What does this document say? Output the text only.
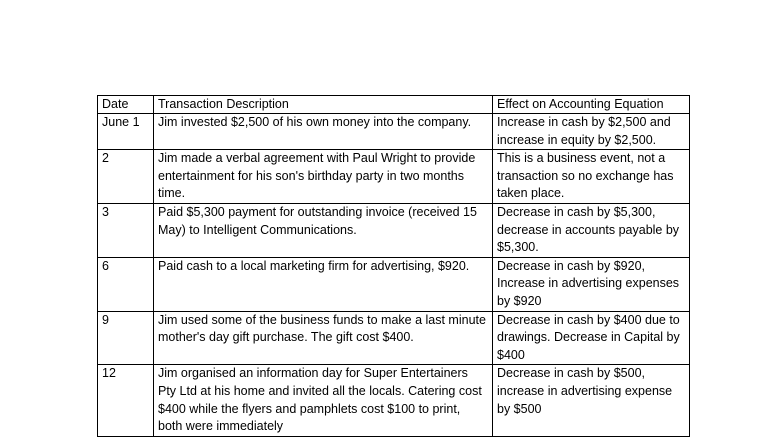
Date	Transaction Description	Effect on Accounting Equation
June 1	Jim invested $2,500 of his own money into the company.	Increase in cash by $2,500 and increase in equity by $2,500.
2	Jim made a verbal agreement with Paul Wright to provide entertainment for his son's birthday party in two months time.	This is a business event, not a transaction so no exchange has taken place.
3	Paid $5,300 payment for outstanding invoice (received 15 May) to Intelligent Communications.	Decrease in cash by $5,300, decrease in accounts payable by $5,300.
6	Paid cash to a local marketing firm for advertising, $920.	Decrease in cash by $920, Increase in advertising expenses by $920
9	Jim used some of the business funds to make a last minute mother's day gift purchase. The gift cost $400.	Decrease in cash by $400 due to drawings. Decrease in Capital by $400
12	Jim organised an information day for Super Entertainers Pty Ltd at his home and invited all the locals. Catering cost $400 while the flyers and pamphlets cost $100 to print, both were immediately	Decrease in cash by $500, increase in advertising expense by $500
